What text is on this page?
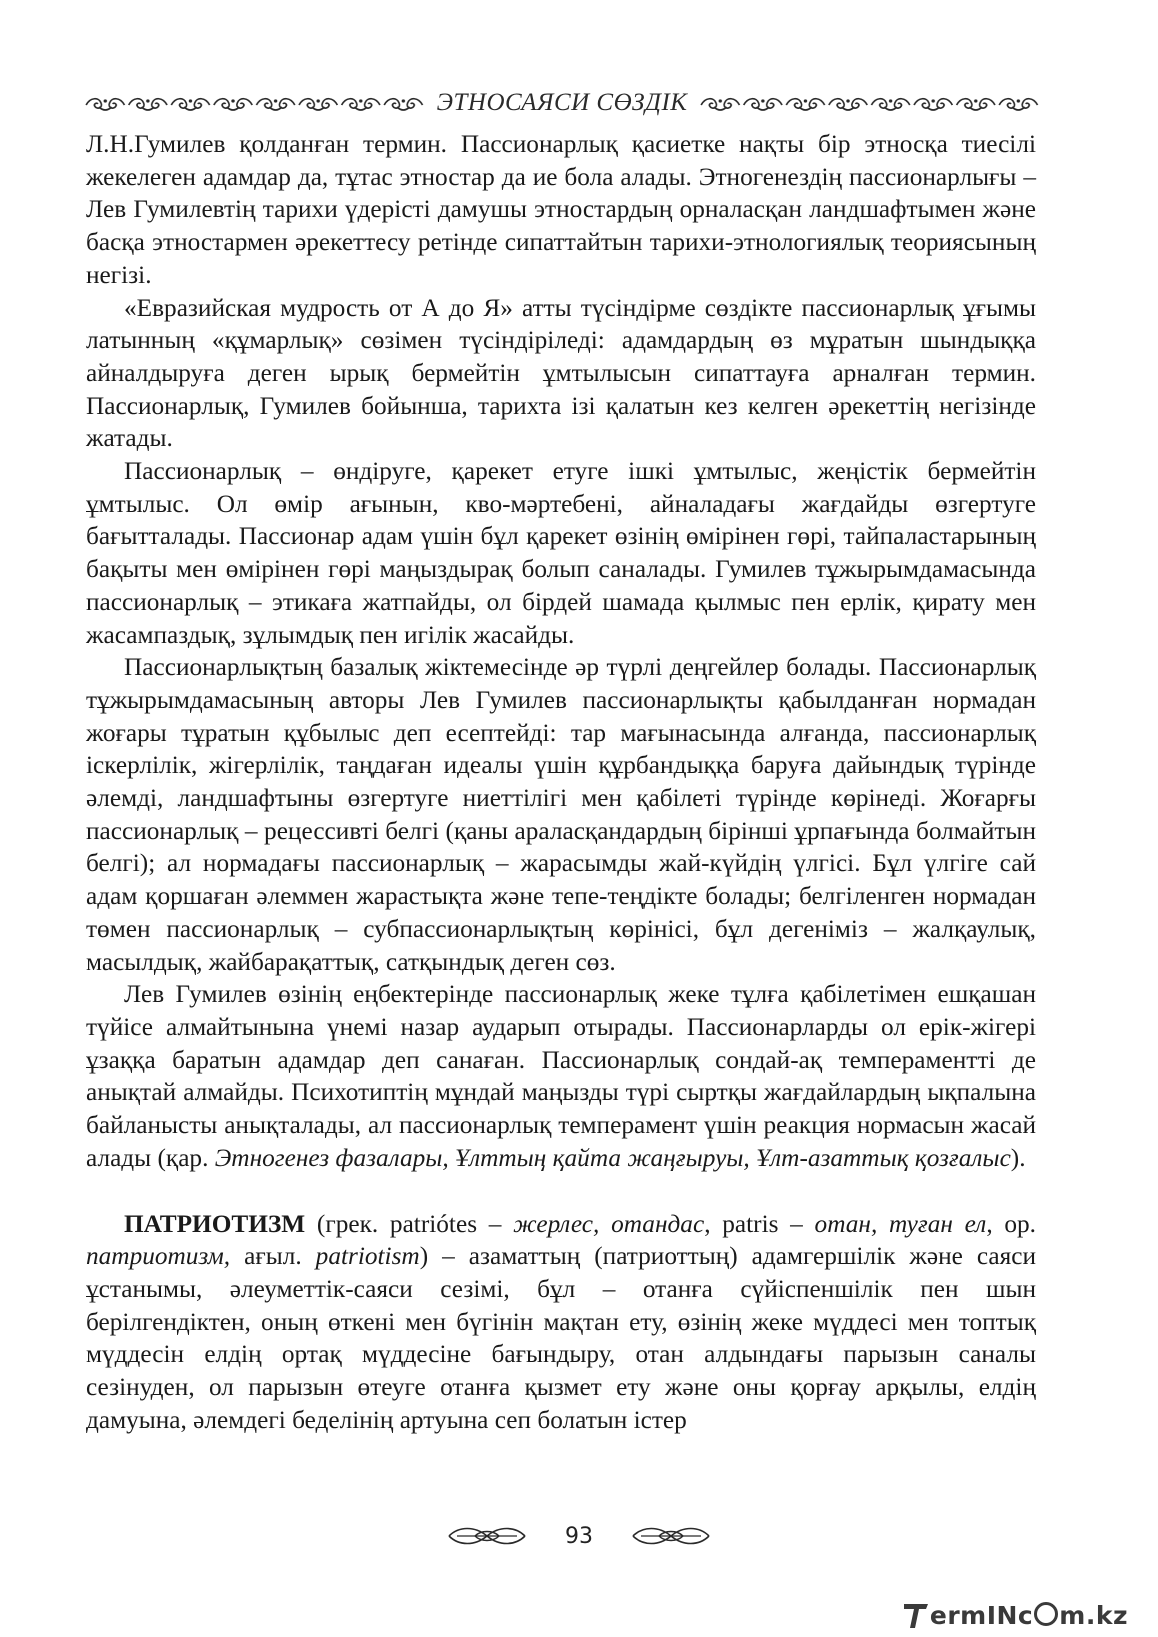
ЭТНОСАЯСИ СӨЗДІК

Л.Н.Гумилев қолданған термин. Пассионарлық қасиетке нақты бір этносқа тиесілі жекелеген адамдар да, тұтас этностар да ие бола алады. Этногенездің пассионарлығы – Лев Гумилевтің тарихи үдерісті дамушы этностардың орналасқан ландшафтымен және басқа этностармен әрекеттесу ретінде сипаттайтын тарихи-этнологиялық теориясының негізі.

«Евразийская мудрость от А до Я» атты түсіндірме сөздікте пассионарлық ұғымы латынның «құмарлық» сөзімен түсіндіріледі: адамдардың өз мұратын шындыққа айналдыруға деген ырық бермейтін ұмтылысын сипаттауға арналған термин. Пассионарлық, Гумилев бойынша, тарихта ізі қалатын кез келген әрекеттің негізінде жатады.

Пассионарлық – өндіруге, қарекет етуге ішкі ұмтылыс, жеңістік бермейтін ұмтылыс. Ол өмір ағынын, кво-мәртебені, айналадағы жағдайды өзгертуге бағытталады. Пассионар адам үшін бұл қарекет өзінің өмірінен гөрі, тайпаластарының бақыты мен өмірінен гөрі маңыздырақ болып саналады. Гумилев тұжырымдамасында пассионарлық – этикаға жатпайды, ол бірдей шамада қылмыс пен ерлік, қирату мен жасампаздық, зұлымдық пен игілік жасайды.

Пассионарлықтың базалық жіктемесінде әр түрлі деңгейлер болады. Пассионарлық тұжырымдамасының авторы Лев Гумилев пассионарлықты қабылданған нормадан жоғары тұратын құбылыс деп есептейді: тар мағынасында алғанда, пассионарлық іскерлілік, жігерлілік, таңдаған идеалы үшін құрбандыққа баруға дайындық түрінде әлемді, ландшафтыны өзгертуге ниеттілігі мен қабілеті түрінде көрінеді. Жоғарғы пассионарлық – рецессивті белгі (қаны араласқандардың бірінші ұрпағында болмайтын белгі); ал нормадағы пассионарлық – жарасымды жай-күйдің үлгісі. Бұл үлгіге сай адам қоршаған әлеммен жарастықта және тепе-теңдікте болады; белгіленген нормадан төмен пассионарлық – субпассионарлықтың көрінісі, бұл дегеніміз – жалқаулық, масылдық, жайбарақаттық, сатқындық деген сөз.

Лев Гумилев өзінің еңбектерінде пассионарлық жеке тұлға қабілетімен ешқашан түйісе алмайтынына үнемі назар аударып отырады. Пассионарларды ол ерік-жігері ұзаққа баратын адамдар деп санаған. Пассионарлық сондай-ақ темпераментті де анықтай алмайды. Психотиптің мұндай маңызды түрі сыртқы жағдайлардың ықпалына байланысты анықталады, ал пассионарлық темперамент үшін реакция нормасын жасай алады (қар. Этногенез фазалары, Ұлттың қайта жаңғыруы, Ұлт-азаттық қозғалыс).

ПАТРИОТИЗМ (грек. patriótes – жерлес, отандас, patris – отан, туған ел, ор. патриотизм, ағыл. patriotism) – азаматтың (патриоттың) адамгершілік және саяси ұстанымы, әлеуметтік-саяси сезімі, бұл – отанға сүйіспеншілік пен шын берілгендіктен, оның өткені мен бүгінін мақтан ету, өзінің жеке мүддесі мен топтық мүддесін елдің ортақ мүддесіне бағындыру, отан алдындағы парызын саналы сезінуден, ол парызын өтеуге отанға қызмет ету және оны қорғау арқылы, елдің дамуына, әлемдегі беделінің артуына сеп болатын істер

93
ermINc m.kz
